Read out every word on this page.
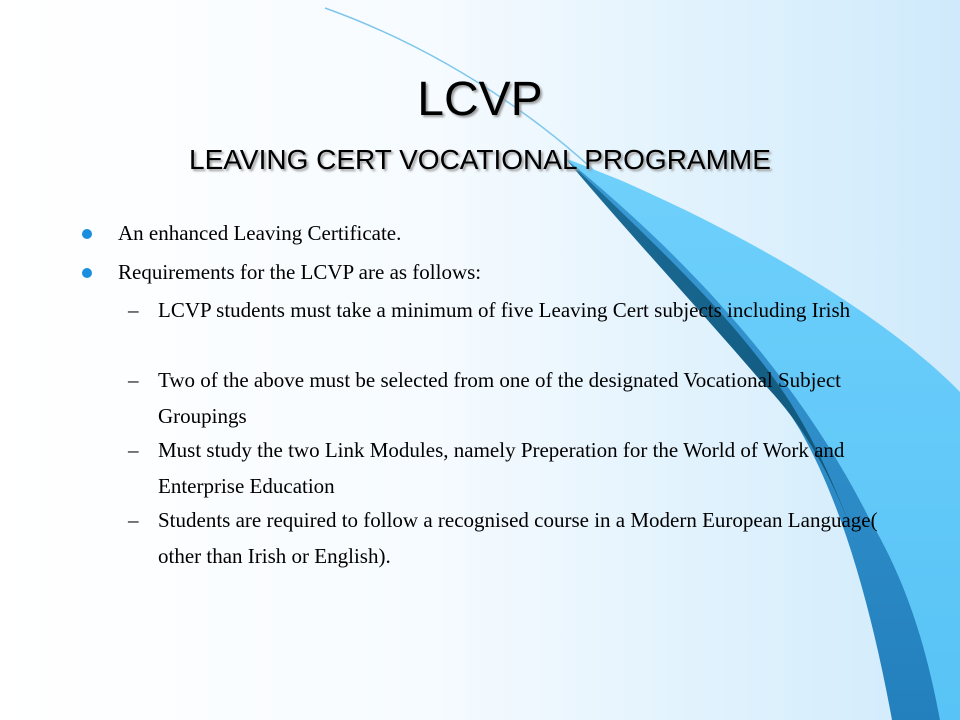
LCVP
LEAVING CERT VOCATIONAL PROGRAMME
An enhanced Leaving Certificate.
Requirements for the LCVP are as follows:
– LCVP students must take a minimum of five Leaving Cert subjects including Irish
– Two of the above must be selected from one of the designated Vocational Subject Groupings
– Must study the two Link Modules, namely Preperation for the World of Work and Enterprise Education
– Students are required to follow a recognised course in a Modern European Language( other than Irish or English).
